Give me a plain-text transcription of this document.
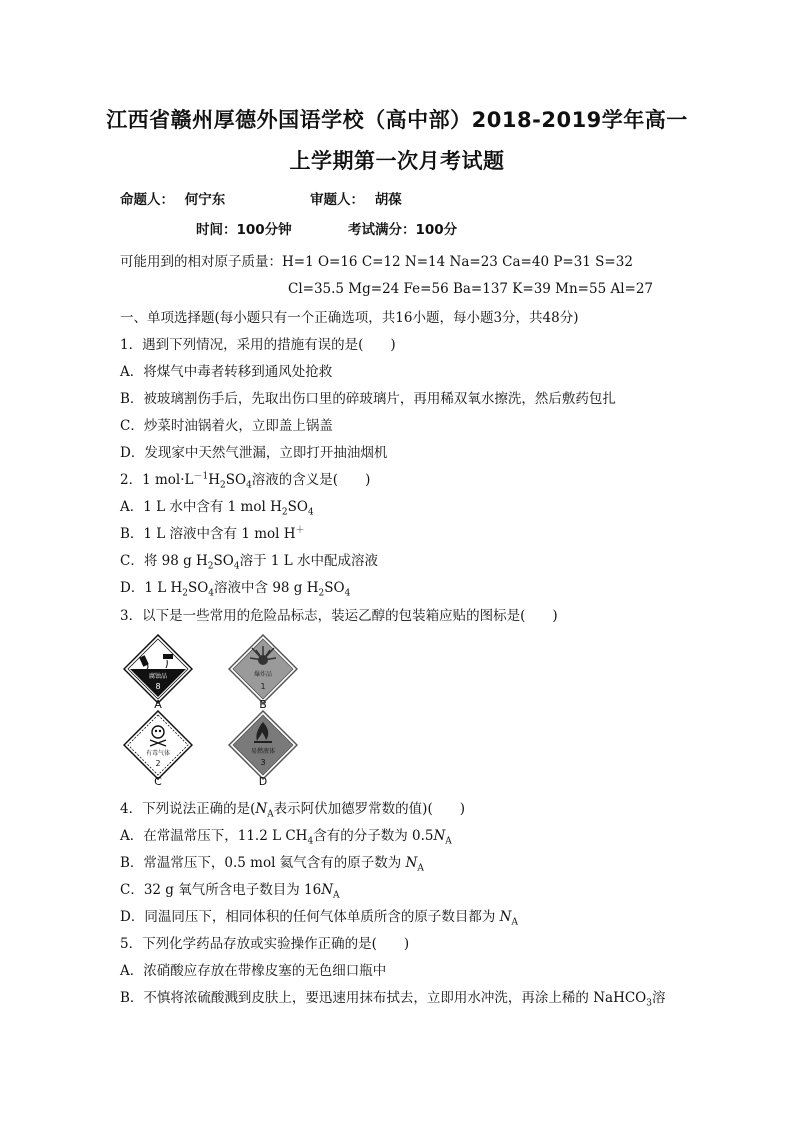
江西省赣州厚德外国语学校（高中部）2018-2019学年高一
上学期第一次月考试题
命题人： 何宁东	审题人： 胡葆
时间：100分钟	考试满分：100分
可能用到的相对原子质量：H=1 O=16 C=12 N=14 Na=23 Ca=40 P=31 S=32
Cl=35.5 Mg=24 Fe=56 Ba=137 K=39 Mn=55 Al=27
一、单项选择题(每小题只有一个正确选项，共16小题，每小题3分，共48分)
1．遇到下列情况，采用的措施有误的是(　　)
A．将煤气中毒者转移到通风处抢救
B．被玻璃割伤手后，先取出伤口里的碎玻璃片，再用稀双氧水擦洗，然后敷药包扎
C．炒菜时油锅着火，立即盖上锅盖
D．发现家中天然气泄漏，立即打开抽油烟机
2．1 $mol\cdot L^{-1}H_2SO_4$溶液的含义是(　　)
A．1 L 水中含有 1 mol $H_2SO_4$
B．1 L 溶液中含有 1 mol H＋
C．将 98 g $H_2SO_4$溶于 1 L 水中配成溶液
D．1 L $H_2SO_4$溶液中含 98 g $H_2SO_4$
3．以下是一些常用的危险品标志，装运乙醇的包装箱应贴的图标是(　　)
腐蚀品
8
A
爆炸品
1
B
有毒气体
2
C
易燃液体
3
D
4．下列说法正确的是($N_A$表示阿伏加德罗常数的值)(　　)
A．在常温常压下，11.2 L $CH_4$含有的分子数为 $0.5N_A$
B．常温常压下，0.5 mol 氦气含有的原子数为 $N_A$
C．32 g 氧气所含电子数目为 $16N_A$
D．同温同压下，相同体积的任何气体单质所含的原子数目都为 $N_A$
5．下列化学药品存放或实验操作正确的是(　　)
A．浓硝酸应存放在带橡皮塞的无色细口瓶中
B．不慎将浓硫酸溅到皮肤上，要迅速用抹布拭去，立即用水冲洗，再涂上稀的 NaHCO$_3$溶
